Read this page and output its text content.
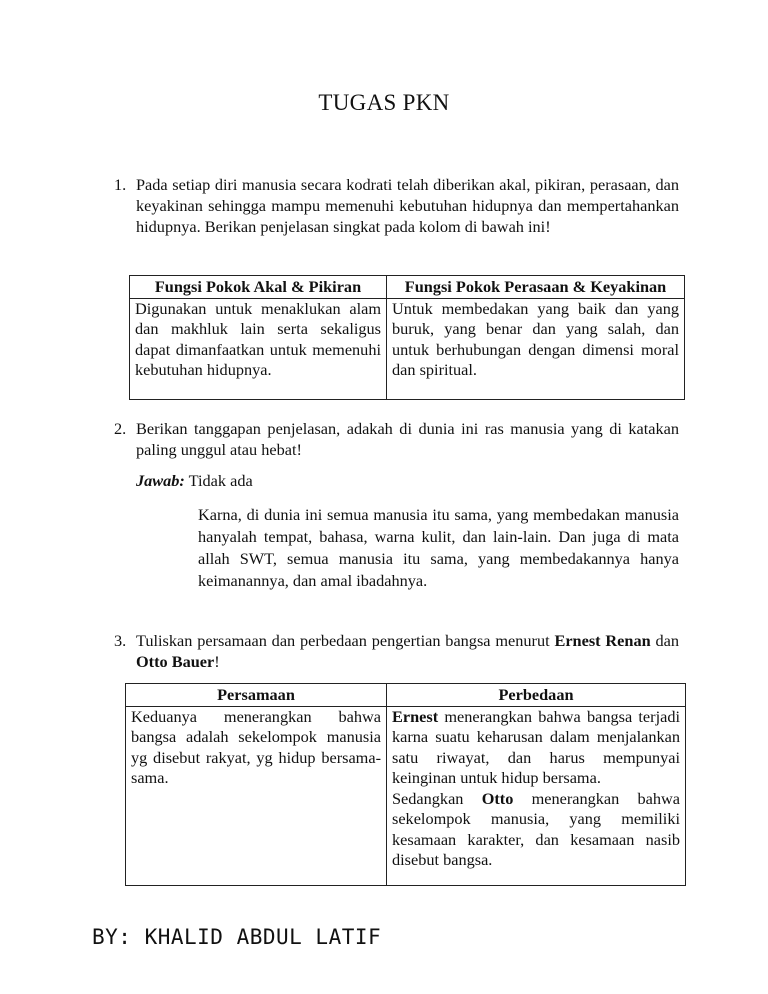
TUGAS PKN
1. Pada setiap diri manusia secara kodrati telah diberikan akal, pikiran, perasaan, dan keyakinan sehingga mampu memenuhi kebutuhan hidupnya dan mempertahankan hidupnya. Berikan penjelasan singkat pada kolom di bawah ini!
Fungsi Pokok Akal & Pikiran	Fungsi Pokok Perasaan & Keyakinan
Digunakan untuk menaklukan alam dan makhluk lain serta sekaligus dapat dimanfaatkan untuk memenuhi kebutuhan hidupnya.	Untuk membedakan yang baik dan yang buruk, yang benar dan yang salah, dan untuk berhubungan dengan dimensi moral dan spiritual.
2. Berikan tanggapan penjelasan, adakah di dunia ini ras manusia yang di katakan paling unggul atau hebat!
Jawab: Tidak ada
Karna, di dunia ini semua manusia itu sama, yang membedakan manusia hanyalah tempat, bahasa, warna kulit, dan lain-lain. Dan juga di mata allah SWT, semua manusia itu sama, yang membedakannya hanya keimanannya, dan amal ibadahnya.
3. Tuliskan persamaan dan perbedaan pengertian bangsa menurut Ernest Renan dan Otto Bauer!
Persamaan	Perbedaan
Keduanya menerangkan bahwa bangsa adalah sekelompok manusia yg disebut rakyat, yg hidup bersama-sama.	Ernest menerangkan bahwa bangsa terjadi karna suatu keharusan dalam menjalankan satu riwayat, dan harus mempunyai keinginan untuk hidup bersama.
Sedangkan Otto menerangkan bahwa sekelompok manusia, yang memiliki kesamaan karakter, dan kesamaan nasib disebut bangsa.
BY: KHALID ABDUL LATIF
